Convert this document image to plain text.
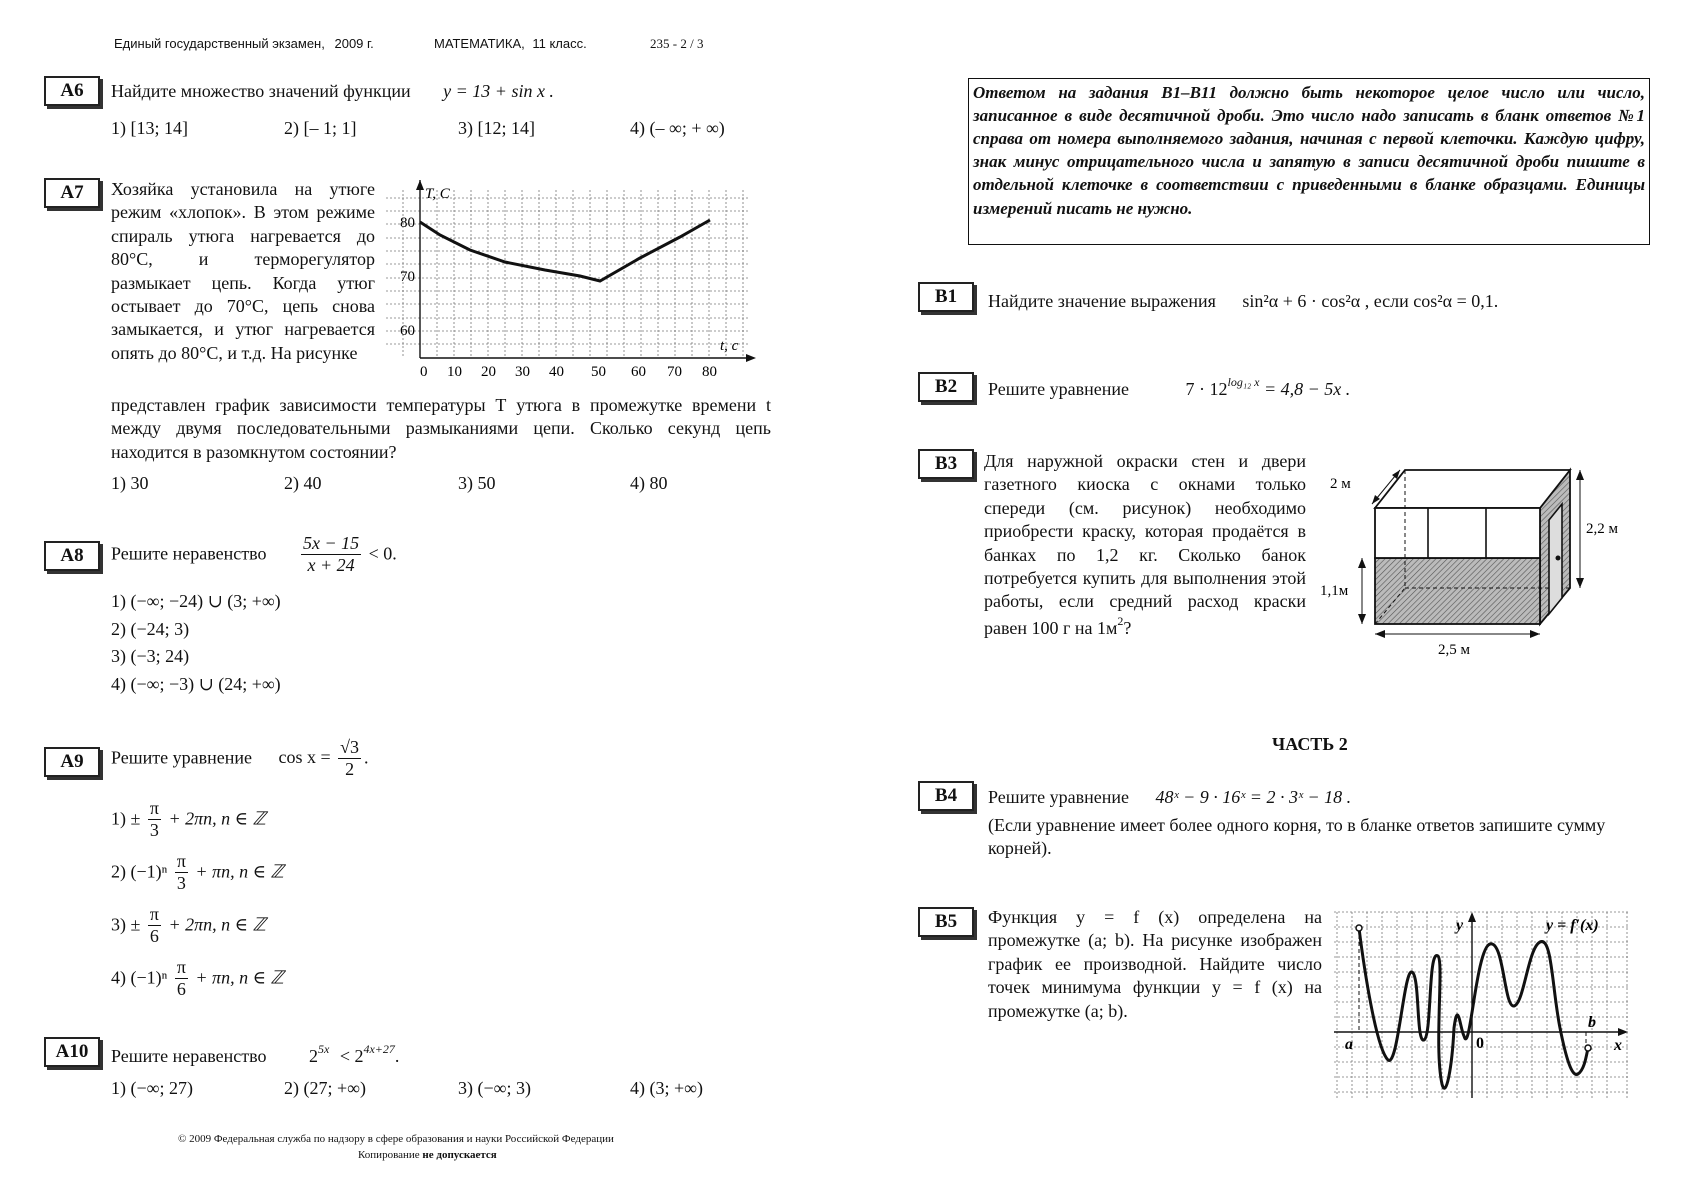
Единый государственный экзамен, 2009 г.	МАТЕМАТИКА, 11 класс.	235 - 2 / 3
A6	Найдите множество значений функции y = 13 + sin x .
1) [13; 14]	2) [– 1; 1]	3) [12; 14]	4) (– ∞; + ∞)
A7	Хозяйка установила на утюге режим «хлопок». В этом режиме спираль утюга нагревается до 80°С, и терморегулятор размыкает цепь. Когда утюг остывает до 70°С, цепь снова замыкается, и утюг нагревается опять до 80°С, и т.д. На рисунке
представлен график зависимости температуры Т утюга в промежутке времени t между двумя последовательными размыканиями цепи. Сколько секунд цепь находится в разомкнутом состоянии?
T, С
t, с
80
70
60
0 10 20 30 40 50 60 70 80
1) 30	2) 40	3) 50	4) 80
A8	Решите неравенство $\frac{5x - 15}{x + 24} < 0$.
1) (−∞; −24) ∪ (3; +∞)
2) (−24; 3)
3) (−3; 24)
4) (−∞; −3) ∪ (24; +∞)
A9	Решите уравнение $\cos x = \frac{√3}{2}$ .
$1) \pm \frac{\pi}{3} + 2\pi n$, n ∈ ℤ
2) $(-1)^n \frac{\pi}{3} + \pi n$, n ∈ ℤ
$3) \pm \frac{\pi}{6} + 2\pi n$, n ∈ ℤ
4) $(-1)^n \frac{\pi}{6} + \pi n$, n ∈ ℤ
A10	Решите неравенство $2^{5x} < 2^{4x+27}$.
1) (−∞; 27)	2) (27; +∞)	3) (−∞; 3)	4) (3; +∞)
© 2009 Федеральная служба по надзору в сфере образования и науки Российской Федерации
Копирование не допускается
Ответом на задания В1–В11 должно быть некоторое целое число или число, записанное в виде десятичной дроби. Это число надо записать в бланк ответов №1 справа от номера выполняемого задания, начиная с первой клеточки. Каждую цифру, знак минус отрицательного числа и запятую в записи десятичной дроби пишите в отдельной клеточке в соответствии с приведенными в бланке образцами. Единицы измерений писать не нужно.
B1	Найдите значение выражения sin²α + 6 · cos²α , если cos²α = 0,1.
B2	Решите уравнение	$7 \cdot 12^{log_{12} x} = 4,8 - 5x$ .
B3	Для наружной окраски стен и двери газетного киоска с окнами только спереди (см. рисунок) необходимо приобрести краску, которая продаётся в банках по 1,2 кг. Сколько банок потребуется купить для выполнения этой работы, если средний расход краски равен 100 г на $1м^2$?
2 м
2,2 м
1,1м
2,5 м
ЧАСТЬ 2
B4	Решите уравнение 48ˣ − 9 · 16ˣ = 2 · 3ˣ − 18 .
(Если уравнение имеет более одного корня, то в бланке ответов запишите сумму корней).
B5	Функция y = f (x) определена на промежутке (a; b). На рисунке изображен график ее производной. Найдите число точек минимума функции y = f (x) на промежутке (a; b).
y	y = f′(x)
x
a
b
0
